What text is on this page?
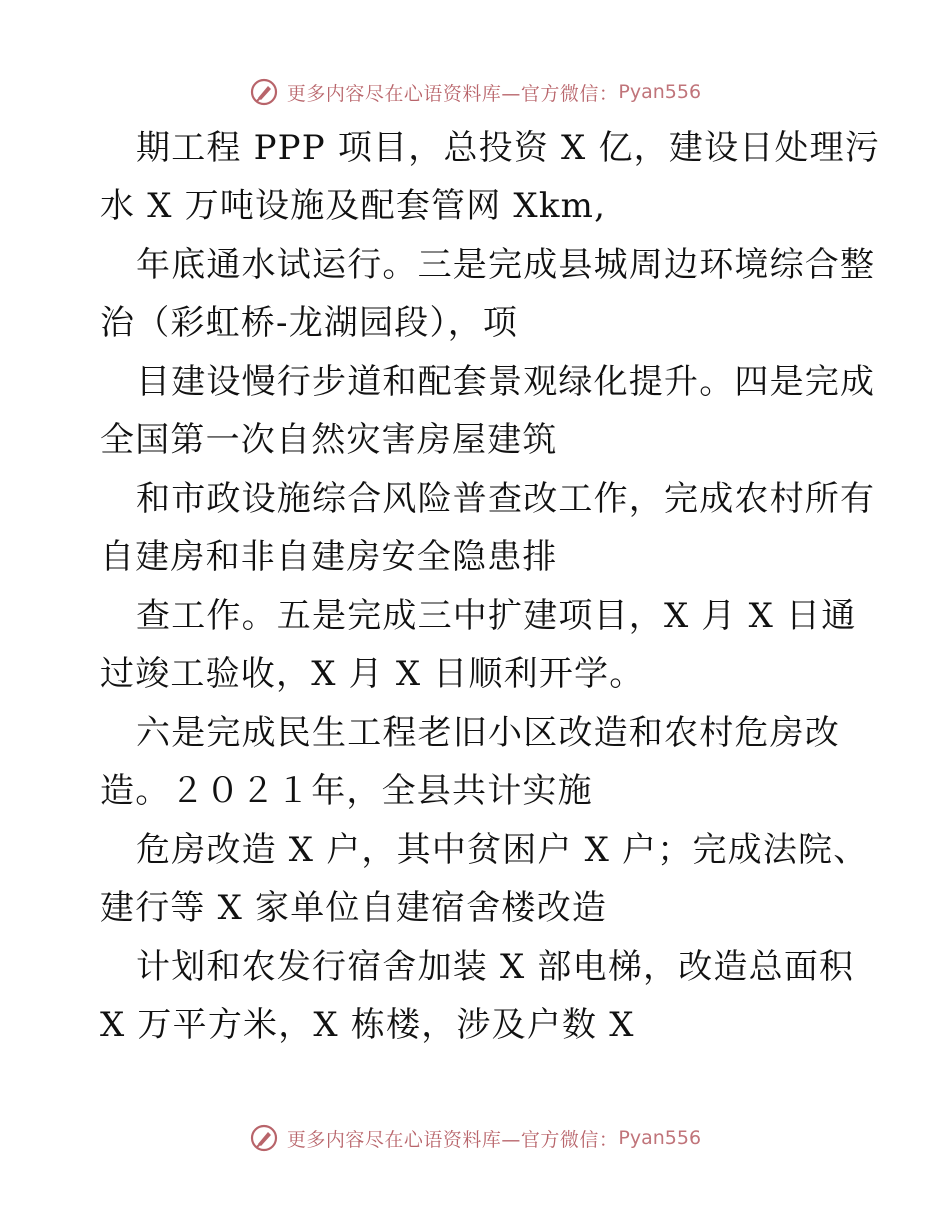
更多内容尽在心语资料库—官方微信： Pyan556
期工程 PPP 项目，总投资 X 亿，建设日处理污
水 X 万吨设施及配套管网 Xkm,
年底通水试运行。三是完成县城周边环境综合整
治（彩虹桥-龙湖园段），项
目建设慢行步道和配套景观绿化提升。四是完成
全国第一次自然灾害房屋建筑
和市政设施综合风险普查改工作，完成农村所有
自建房和非自建房安全隐患排
查工作。五是完成三中扩建项目，X 月 X 日通
过竣工验收，X 月 X 日顺利开学。
六是完成民生工程老旧小区改造和农村危房改
造。２０２１年，全县共计实施
危房改造 X 户，其中贫困户 X 户；完成法院、
建行等 X 家单位自建宿舍楼改造
计划和农发行宿舍加装 X 部电梯，改造总面积
X 万平方米，X 栋楼，涉及户数 X
更多内容尽在心语资料库—官方微信： Pyan556
